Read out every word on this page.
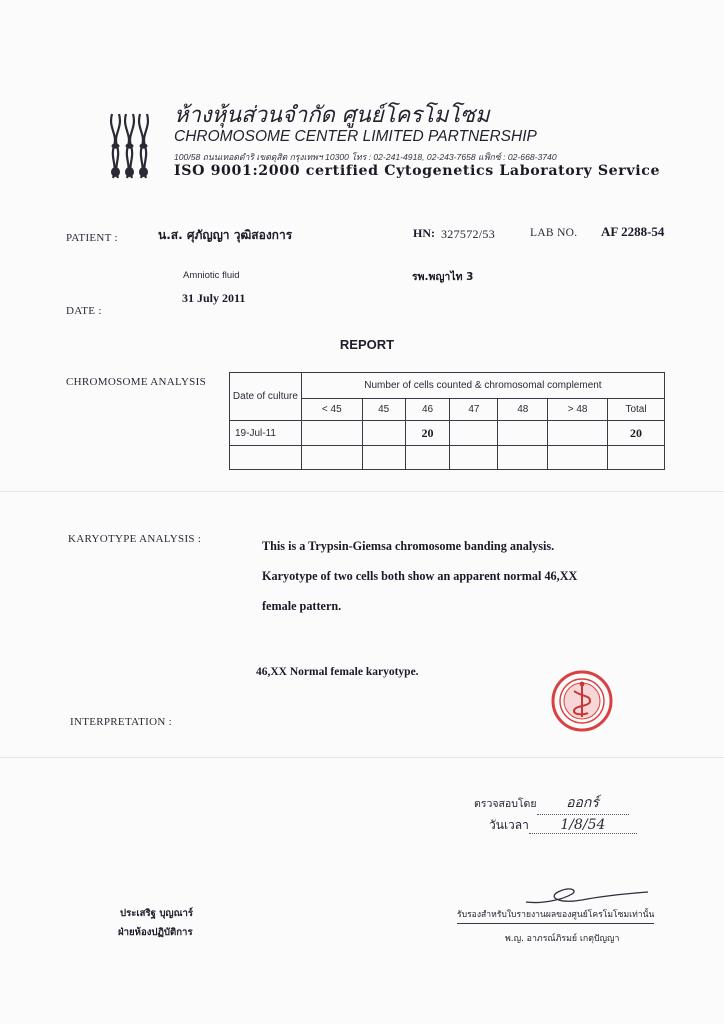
ห้างหุ้นส่วนจำกัด ศูนย์โครโมโซม
CHROMOSOME CENTER LIMITED PARTNERSHIP
100/58 ถนนเทอดดำริ เขตดุสิต กรุงเทพฯ 10300 โทร : 02-241-4918, 02-243-7658 แฟ็กซ์ : 02-668-3740
ISO 9001:2000 certified Cytogenetics Laboratory Service
PATIENT :	น.ส. ศุภัญญา วุฒิสองการ	HN: 327572/53	LAB NO. AF 2288-54
Amniotic fluid	รพ.พญาไท 3
31 July 2011
DATE :
REPORT
CHROMOSOME ANALYSIS
Date of culture	Number of cells counted & chromosomal complement						
	< 45	45	46	47	48	> 48	Total
19-Jul-11			20				20

KARYOTYPE ANALYSIS :	This is a Trypsin-Giemsa chromosome banding analysis.
Karyotype of two cells both show an apparent normal 46,XX
female pattern.
46,XX Normal female karyotype.
INTERPRETATION :
ตรวจสอบโดย ออกร์
วันเวลา 1/8/54
ประเสริฐ บุญณาร์
ฝ่ายห้องปฏิบัติการ
รับรองสำหรับใบรายงานผลของศูนย์โครโมโซมเท่านั้น
พ.ญ. อาภรณ์ภิรมย์ เกตุปัญญา
